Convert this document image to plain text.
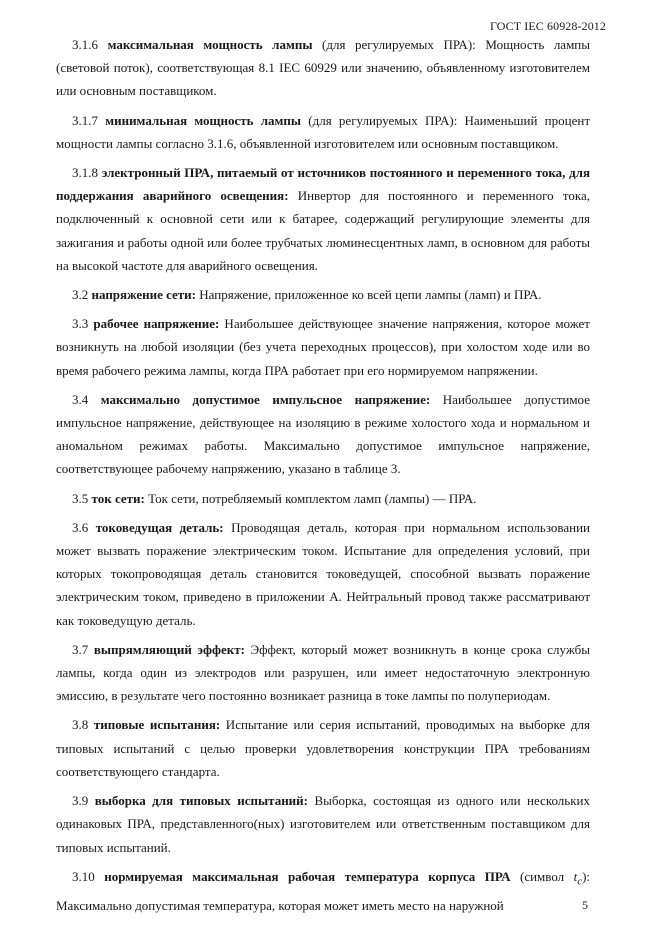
ГОСТ IEC 60928-2012

3.1.6 максимальная мощность лампы (для регулируемых ПРА): Мощность лампы (световой поток), соответствующая 8.1 IEC 60929 или значению, объявленному изготовителем или основным поставщиком.

3.1.7 минимальная мощность лампы (для регулируемых ПРА): Наименьший процент мощности лампы согласно 3.1.6, объявленной изготовителем или основным поставщиком.

3.1.8 электронный ПРА, питаемый от источников постоянного и переменного тока, для поддержания аварийного освещения: Инвертор для постоянного и переменного тока, подключенный к основной сети или к батарее, содержащий регулирующие элементы для зажигания и работы одной или более трубчатых люминесцентных ламп, в основном для работы на высокой частоте для аварийного освещения.

3.2 напряжение сети: Напряжение, приложенное ко всей цепи лампы (ламп) и ПРА.

3.3 рабочее напряжение: Наибольшее действующее значение напряжения, которое может возникнуть на любой изоляции (без учета переходных процессов), при холостом ходе или во время рабочего режима лампы, когда ПРА работает при его нормируемом напряжении.

3.4 максимально допустимое импульсное напряжение: Наибольшее допустимое импульсное напряжение, действующее на изоляцию в режиме холостого хода и нормальном и аномальном режимах работы. Максимально допустимое импульсное напряжение, соответствующее рабочему напряжению, указано в таблице 3.

3.5 ток сети: Ток сети, потребляемый комплектом ламп (лампы) — ПРА.

3.6 токоведущая деталь: Проводящая деталь, которая при нормальном использовании может вызвать поражение электрическим током. Испытание для определения условий, при которых токопроводящая деталь становится токоведущей, способной вызвать поражение электрическим током, приведено в приложении А. Нейтральный провод также рассматривают как токоведущую деталь.

3.7 выпрямляющий эффект: Эффект, который может возникнуть в конце срока службы лампы, когда один из электродов или разрушен, или имеет недостаточную электронную эмиссию, в результате чего постоянно возникает разница в токе лампы по полупериодам.

3.8 типовые испытания: Испытание или серия испытаний, проводимых на выборке для типовых испытаний с целью проверки удовлетворения конструкции ПРА требованиям соответствующего стандарта.

3.9 выборка для типовых испытаний: Выборка, состоящая из одного или нескольких одинаковых ПРА, представленного(ных) изготовителем или ответственным поставщиком для типовых испытаний.

3.10 нормируемая максимальная рабочая температура корпуса ПРА (символ $t_c$): Максимально допустимая температура, которая может иметь место на наружной	5
